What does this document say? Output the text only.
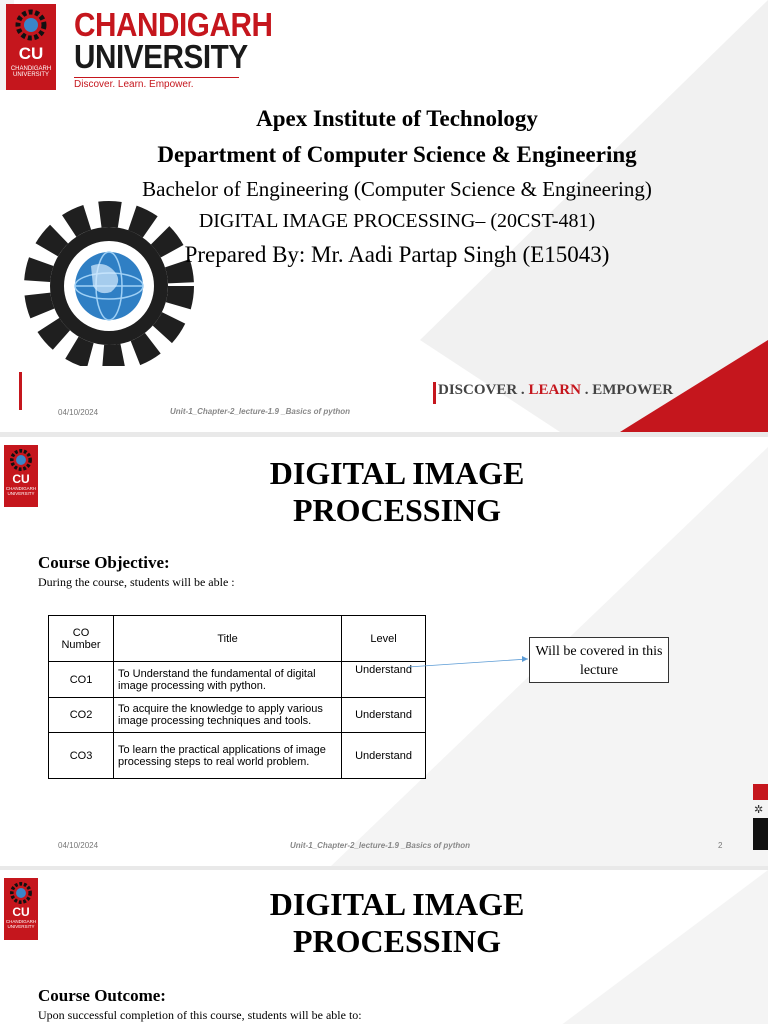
CU
CHANDIGARH UNIVERSITY
CHANDIGARH
UNIVERSITY
Discover. Learn. Empower.
Apex Institute of Technology
Department of Computer Science & Engineering
Bachelor of Engineering (Computer Science & Engineering)
DIGITAL IMAGE PROCESSING– (20CST-481)
Prepared By: Mr. Aadi Partap Singh (E15043)
DISCOVER . LEARN . EMPOWER
04/10/2024	Unit-1_Chapter-2_lecture-1.9 _Basics of python
✲
CU
CHANDIGARH UNIVERSITY
DIGITAL IMAGE
PROCESSING
Course Objective:
During the course, students will be able :
CO Number	Title	Level
CO1	To Understand the fundamental of digital image processing with python.	Understand
CO2	To acquire the knowledge to apply various image processing techniques and tools.	Understand
CO3	To learn the practical applications of image processing steps to real world problem.	Understand
Will be covered in this lecture
04/10/2024	Unit-1_Chapter-2_lecture-1.9 _Basics of python	2
CU
CHANDIGARH UNIVERSITY
DIGITAL IMAGE
PROCESSING
Course Outcome:
Upon successful completion of this course, students will be able to:
